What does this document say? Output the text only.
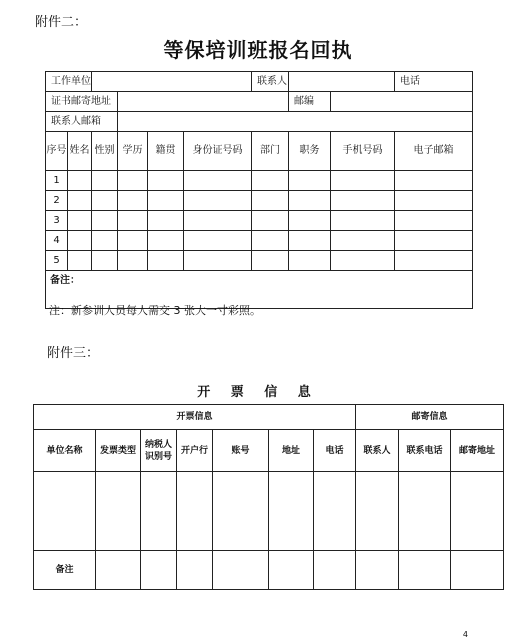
附件二：
等保培训班报名回执
工作单位						联系人			电话
证书邮寄地址							邮编		
联系人邮箱									
序号	姓名	性别	学历	籍贯	身份证号码	部门	职务	手机号码	电子邮箱
1									
2									
3									
4									
5									
备注：									
注：新参训人员每人需交 3 张大一寸彩照。
附件三：
开 票 信 息
开票信息							邮寄信息		
单位名称	发票类型	纳税人识别号	开户行	账号	地址	电话	联系人	联系电话	邮寄地址

备注									
4
